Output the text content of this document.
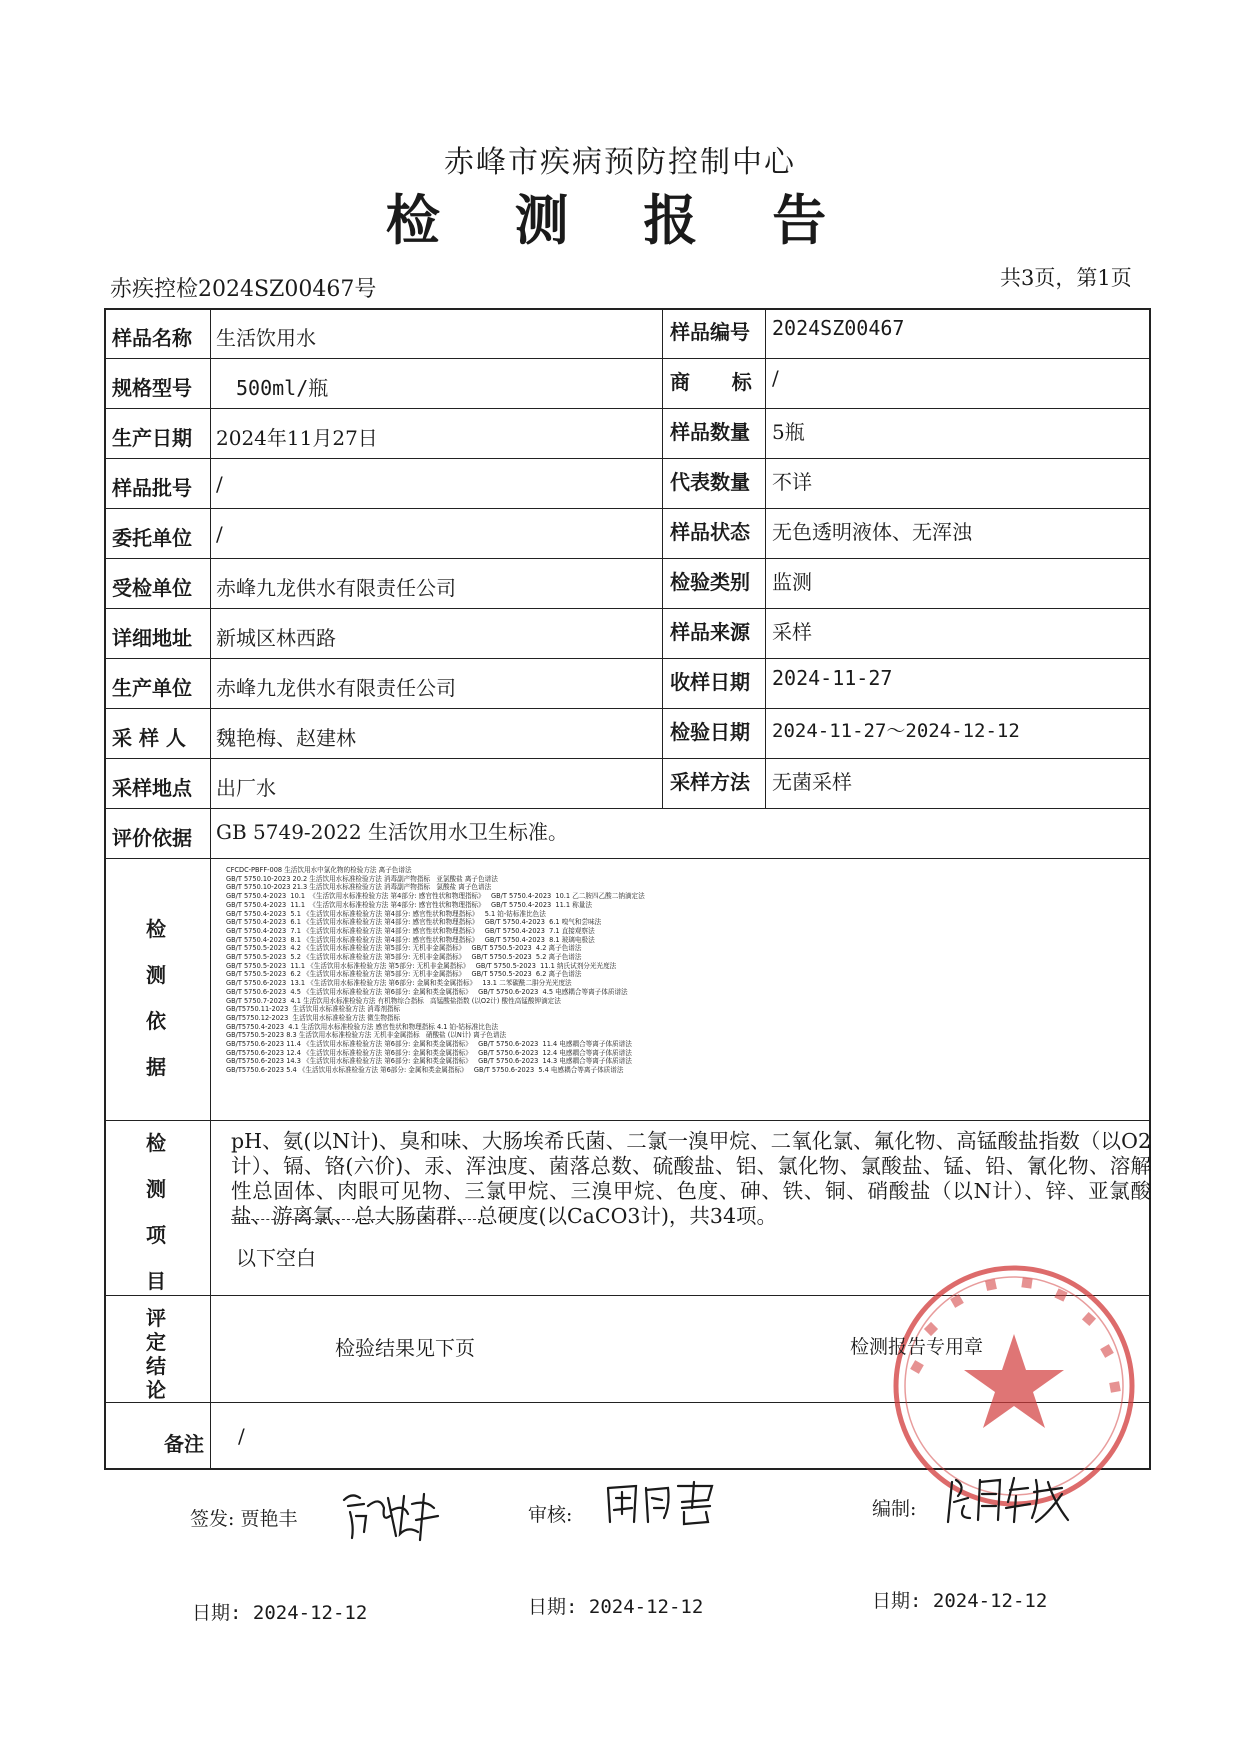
赤峰市疾病预防控制中心
检 测 报 告
赤疾控检2024SZ00467号	共3页，第1页
样品名称 生活饮用水	样品编号 2024SZ00467
规格型号 500ml/瓶	商      标 /
生产日期 2024年11月27日	样品数量 5瓶
样品批号 /	代表数量 不详
委托单位 /	样品状态 无色透明液体、无浑浊
受检单位 赤峰九龙供水有限责任公司	检验类别 监测
详细地址 新城区林西路	样品来源 采样
生产单位 赤峰九龙供水有限责任公司	收样日期 2024-11-27
采 样 人 魏艳梅、赵建林	检验日期 2024-11-27～2024-12-12
采样地点 出厂水	采样方法 无菌采样
评价依据 GB 5749-2022 生活饮用水卫生标准。
检
测
依
据
CFCDC-PBFF-008 生活饮用水中氯化物的检验方法 离子色谱法
GB/T 5750.10-2023 20.2 生活饮用水标准检验方法 消毒副产物指标   亚氯酸盐 离子色谱法
GB/T 5750.10-2023 21.3 生活饮用水标准检验方法 消毒副产物指标   氯酸盐 离子色谱法
GB/T 5750.4-2023  10.1  《生活饮用水标准检验方法 第4部分: 感官性状和物理指标》   GB/T 5750.4-2023  10.1 乙二胺四乙酸二钠滴定法
GB/T 5750.4-2023  11.1  《生活饮用水标准检验方法 第4部分: 感官性状和物理指标》   GB/T 5750.4-2023  11.1 称量法
GB/T 5750.4-2023  5.1 《生活饮用水标准检验方法 第4部分: 感官性状和物理指标》   5.1 铂-钴标准比色法
GB/T 5750.4-2023  6.1 《生活饮用水标准检验方法 第4部分: 感官性状和物理指标》   GB/T 5750.4-2023  6.1 嗅气和尝味法
GB/T 5750.4-2023  7.1 《生活饮用水标准检验方法 第4部分: 感官性状和物理指标》   GB/T 5750.4-2023  7.1 直接观察法
GB/T 5750.4-2023  8.1 《生活饮用水标准检验方法 第4部分: 感官性状和物理指标》   GB/T 5750.4-2023  8.1 玻璃电极法
GB/T 5750.5-2023  4.2 《生活饮用水标准检验方法 第5部分: 无机非金属指标》   GB/T 5750.5-2023  4.2 离子色谱法
GB/T 5750.5-2023  5.2 《生活饮用水标准检验方法 第5部分: 无机非金属指标》   GB/T 5750.5-2023  5.2 离子色谱法
GB/T 5750.5-2023  11.1 《生活饮用水标准检验方法 第5部分: 无机非金属指标》   GB/T 5750.5-2023  11.1 纳氏试剂分光光度法
GB/T 5750.5-2023  6.2 《生活饮用水标准检验方法 第5部分: 无机非金属指标》   GB/T 5750.5-2023  6.2 离子色谱法
GB/T 5750.6-2023  13.1 《生活饮用水标准检验方法 第6部分: 金属和类金属指标》   13.1 二苯碳酰二肼分光光度法
GB/T 5750.6-2023  4.5 《生活饮用水标准检验方法 第6部分: 金属和类金属指标》   GB/T 5750.6-2023  4.5 电感耦合等离子体质谱法
GB/T 5750.7-2023  4.1 生活饮用水标准检验方法 有机物综合指标   高锰酸盐指数 (以O2计) 酸性高锰酸钾滴定法
GB/T5750.11-2023  生活饮用水标准检验方法 消毒剂指标
GB/T5750.12-2023  生活饮用水标准检验方法 微生物指标
GB/T5750.4-2023  4.1 生活饮用水标准检验方法 感官性状和物理指标 4.1 铂-钴标准比色法
GB/T5750.5-2023 8.3 生活饮用水标准检验方法 无机非金属指标   硝酸盐 (以N计) 离子色谱法
GB/T5750.6-2023 11.4 《生活饮用水标准检验方法 第6部分: 金属和类金属指标》   GB/T 5750.6-2023  11.4 电感耦合等离子体质谱法
GB/T5750.6-2023 12.4 《生活饮用水标准检验方法 第6部分: 金属和类金属指标》   GB/T 5750.6-2023  12.4 电感耦合等离子体质谱法
GB/T5750.6-2023 14.3 《生活饮用水标准检验方法 第6部分: 金属和类金属指标》   GB/T 5750.6-2023  14.3 电感耦合等离子体质谱法
GB/T5750.6-2023 5.4 《生活饮用水标准检验方法 第6部分: 金属和类金属指标》   GB/T 5750.6-2023  5.4 电感耦合等离子体质谱法
检
测
项
目
pH、氨(以N计)、臭和味、大肠埃希氏菌、二氯一溴甲烷、二氧化氯、氟化物、高锰酸盐指数（以O2计）、镉、铬(六价)、汞、浑浊度、菌落总数、硫酸盐、铝、氯化物、氯酸盐、锰、铅、氰化物、溶解性总固体、肉眼可见物、三氯甲烷、三溴甲烷、色度、砷、铁、铜、硝酸盐（以N计）、锌、亚氯酸盐、游离氯、总大肠菌群、总硬度(以CaCO3计)，共34项。
以下空白
评
定
结
论
检验结果见下页	检测报告专用章
备注 /
签发: 贾艳丰	审核:	编制:
日期: 2024-12-12	日期: 2024-12-12	日期: 2024-12-12
